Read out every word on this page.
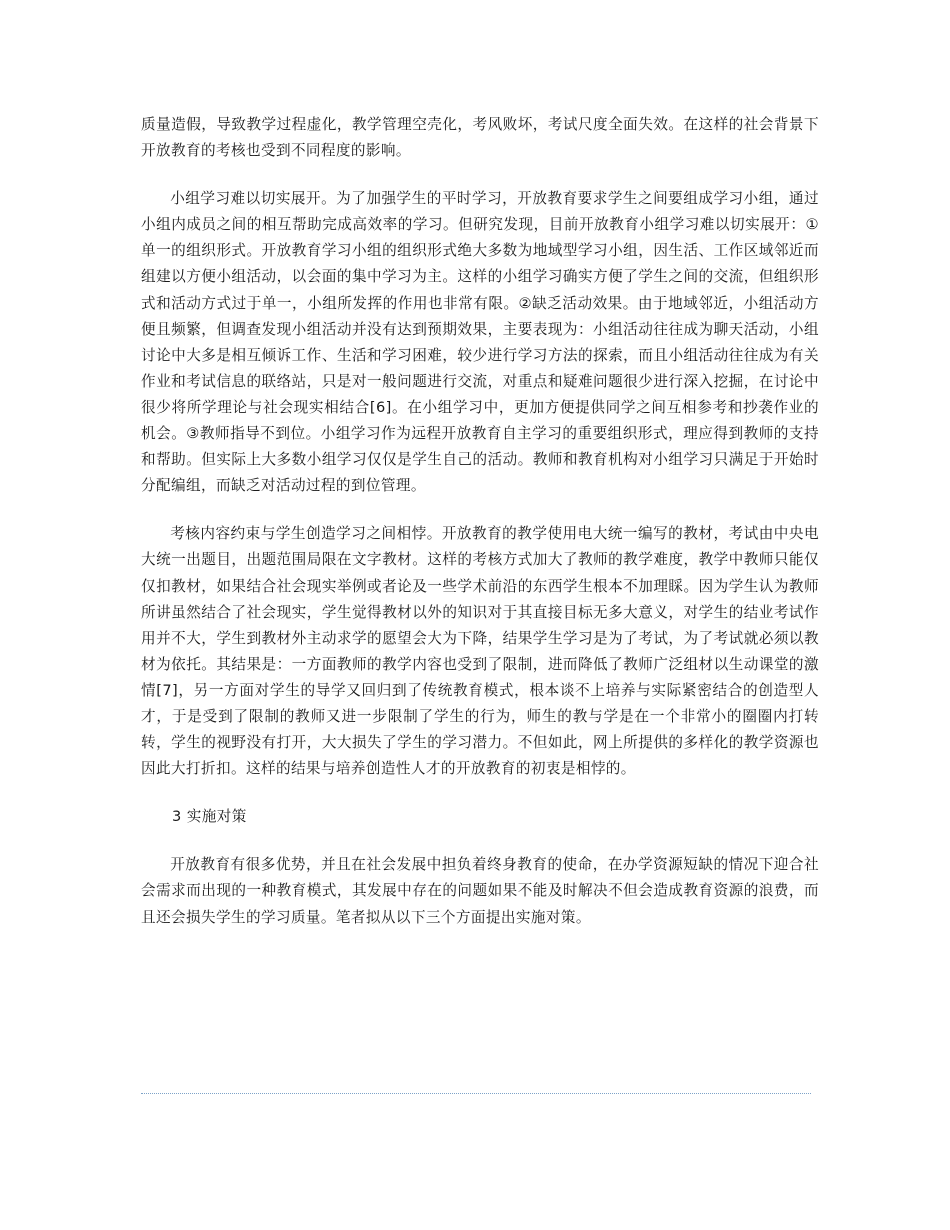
质量造假，导致教学过程虚化，教学管理空壳化，考风败坏，考试尺度全面失效。在这样的社会背景下开放教育的考核也受到不同程度的影响。

小组学习难以切实展开。为了加强学生的平时学习，开放教育要求学生之间要组成学习小组，通过小组内成员之间的相互帮助完成高效率的学习。但研究发现，目前开放教育小组学习难以切实展开：①单一的组织形式。开放教育学习小组的组织形式绝大多数为地域型学习小组，因生活、工作区域邻近而组建以方便小组活动，以会面的集中学习为主。这样的小组学习确实方便了学生之间的交流，但组织形式和活动方式过于单一，小组所发挥的作用也非常有限。②缺乏活动效果。由于地域邻近，小组活动方便且频繁，但调查发现小组活动并没有达到预期效果，主要表现为：小组活动往往成为聊天活动，小组讨论中大多是相互倾诉工作、生活和学习困难，较少进行学习方法的探索，而且小组活动往往成为有关作业和考试信息的联络站，只是对一般问题进行交流，对重点和疑难问题很少进行深入挖掘，在讨论中很少将所学理论与社会现实相结合[6]。在小组学习中，更加方便提供同学之间互相参考和抄袭作业的机会。③教师指导不到位。小组学习作为远程开放教育自主学习的重要组织形式，理应得到教师的支持和帮助。但实际上大多数小组学习仅仅是学生自己的活动。教师和教育机构对小组学习只满足于开始时分配编组，而缺乏对活动过程的到位管理。

考核内容约束与学生创造学习之间相悖。开放教育的教学使用电大统一编写的教材，考试由中央电大统一出题目，出题范围局限在文字教材。这样的考核方式加大了教师的教学难度，教学中教师只能仅仅扣教材，如果结合社会现实举例或者论及一些学术前沿的东西学生根本不加理睬。因为学生认为教师所讲虽然结合了社会现实，学生觉得教材以外的知识对于其直接目标无多大意义，对学生的结业考试作用并不大，学生到教材外主动求学的愿望会大为下降，结果学生学习是为了考试，为了考试就必须以教材为依托。其结果是：一方面教师的教学内容也受到了限制，进而降低了教师广泛组材以生动课堂的激情[7]，另一方面对学生的导学又回归到了传统教育模式，根本谈不上培养与实际紧密结合的创造型人才，于是受到了限制的教师又进一步限制了学生的行为，师生的教与学是在一个非常小的圈圈内打转转，学生的视野没有打开，大大损失了学生的学习潜力。不但如此，网上所提供的多样化的教学资源也因此大打折扣。这样的结果与培养创造性人才的开放教育的初衷是相悖的。

3 实施对策

开放教育有很多优势，并且在社会发展中担负着终身教育的使命，在办学资源短缺的情况下迎合社会需求而出现的一种教育模式，其发展中存在的问题如果不能及时解决不但会造成教育资源的浪费，而且还会损失学生的学习质量。笔者拟从以下三个方面提出实施对策。
